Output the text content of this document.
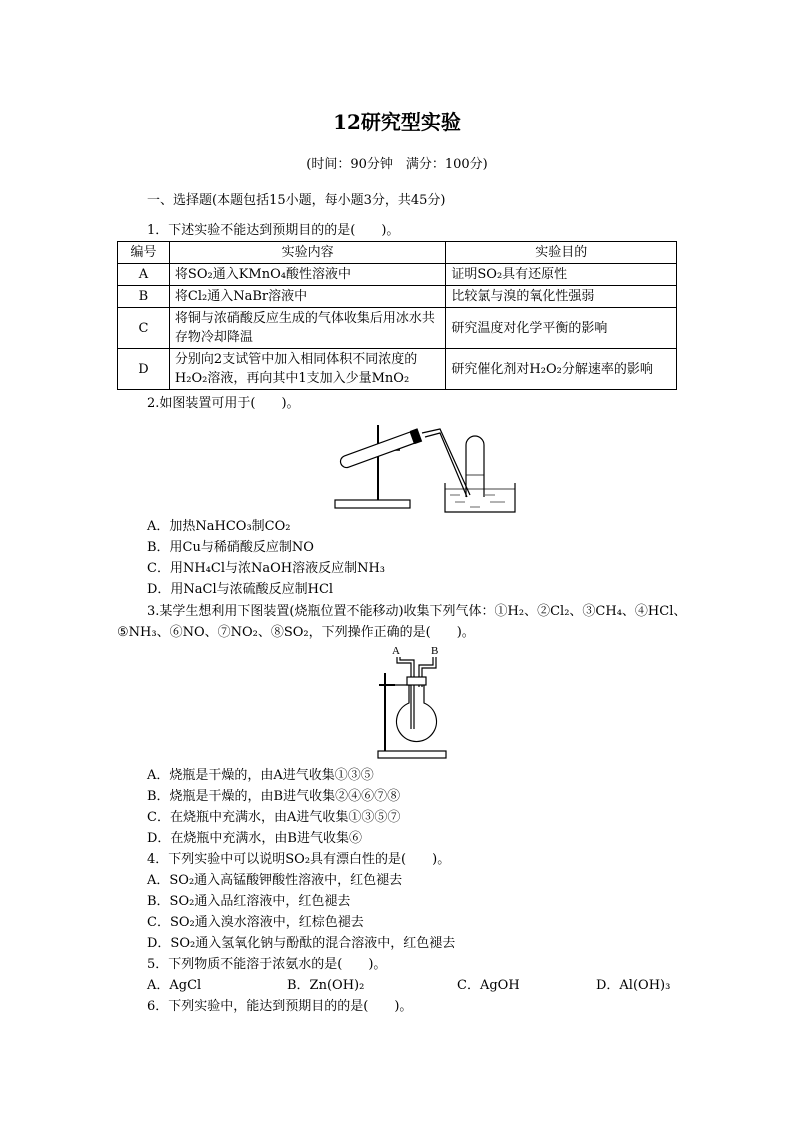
12研究型实验
(时间：90分钟　满分：100分)
一、选择题(本题包括15小题，每小题3分，共45分)
1．下述实验不能达到预期目的的是(　　)。
编号	实验内容	实验目的
A	将SO₂通入KMnO₄酸性溶液中	证明SO₂具有还原性
B	将Cl₂通入NaBr溶液中	比较氯与溴的氧化性强弱
C	将铜与浓硝酸反应生成的气体收集后用冰水共存物冷却降温	研究温度对化学平衡的影响
D	分别向2支试管中加入相同体积不同浓度的H₂O₂溶液，再向其中1支加入少量MnO₂	研究催化剂对H₂O₂分解速率的影响
2.如图装置可用于(　　)。
A．加热NaHCO₃制CO₂
B．用Cu与稀硝酸反应制NO
C．用NH₄Cl与浓NaOH溶液反应制NH₃
D．用NaCl与浓硫酸反应制HCl
3.某学生想利用下图装置(烧瓶位置不能移动)收集下列气体：①H₂、②Cl₂、③CH₄、④HCl、
⑤NH₃、⑥NO、⑦NO₂、⑧SO₂，下列操作正确的是(　　)。
A	B
A．烧瓶是干燥的，由A进气收集①③⑤
B．烧瓶是干燥的，由B进气收集②④⑥⑦⑧
C．在烧瓶中充满水，由A进气收集①③⑤⑦
D．在烧瓶中充满水，由B进气收集⑥
4．下列实验中可以说明SO₂具有漂白性的是(　　)。
A．SO₂通入高锰酸钾酸性溶液中，红色褪去
B．SO₂通入品红溶液中，红色褪去
C．SO₂通入溴水溶液中，红棕色褪去
D．SO₂通入氢氧化钠与酚酞的混合溶液中，红色褪去
5．下列物质不能溶于浓氨水的是(　　)。
A．AgCl	B．Zn(OH)₂	C．AgOH	D．Al(OH)₃
6．下列实验中，能达到预期目的的是(　　)。
